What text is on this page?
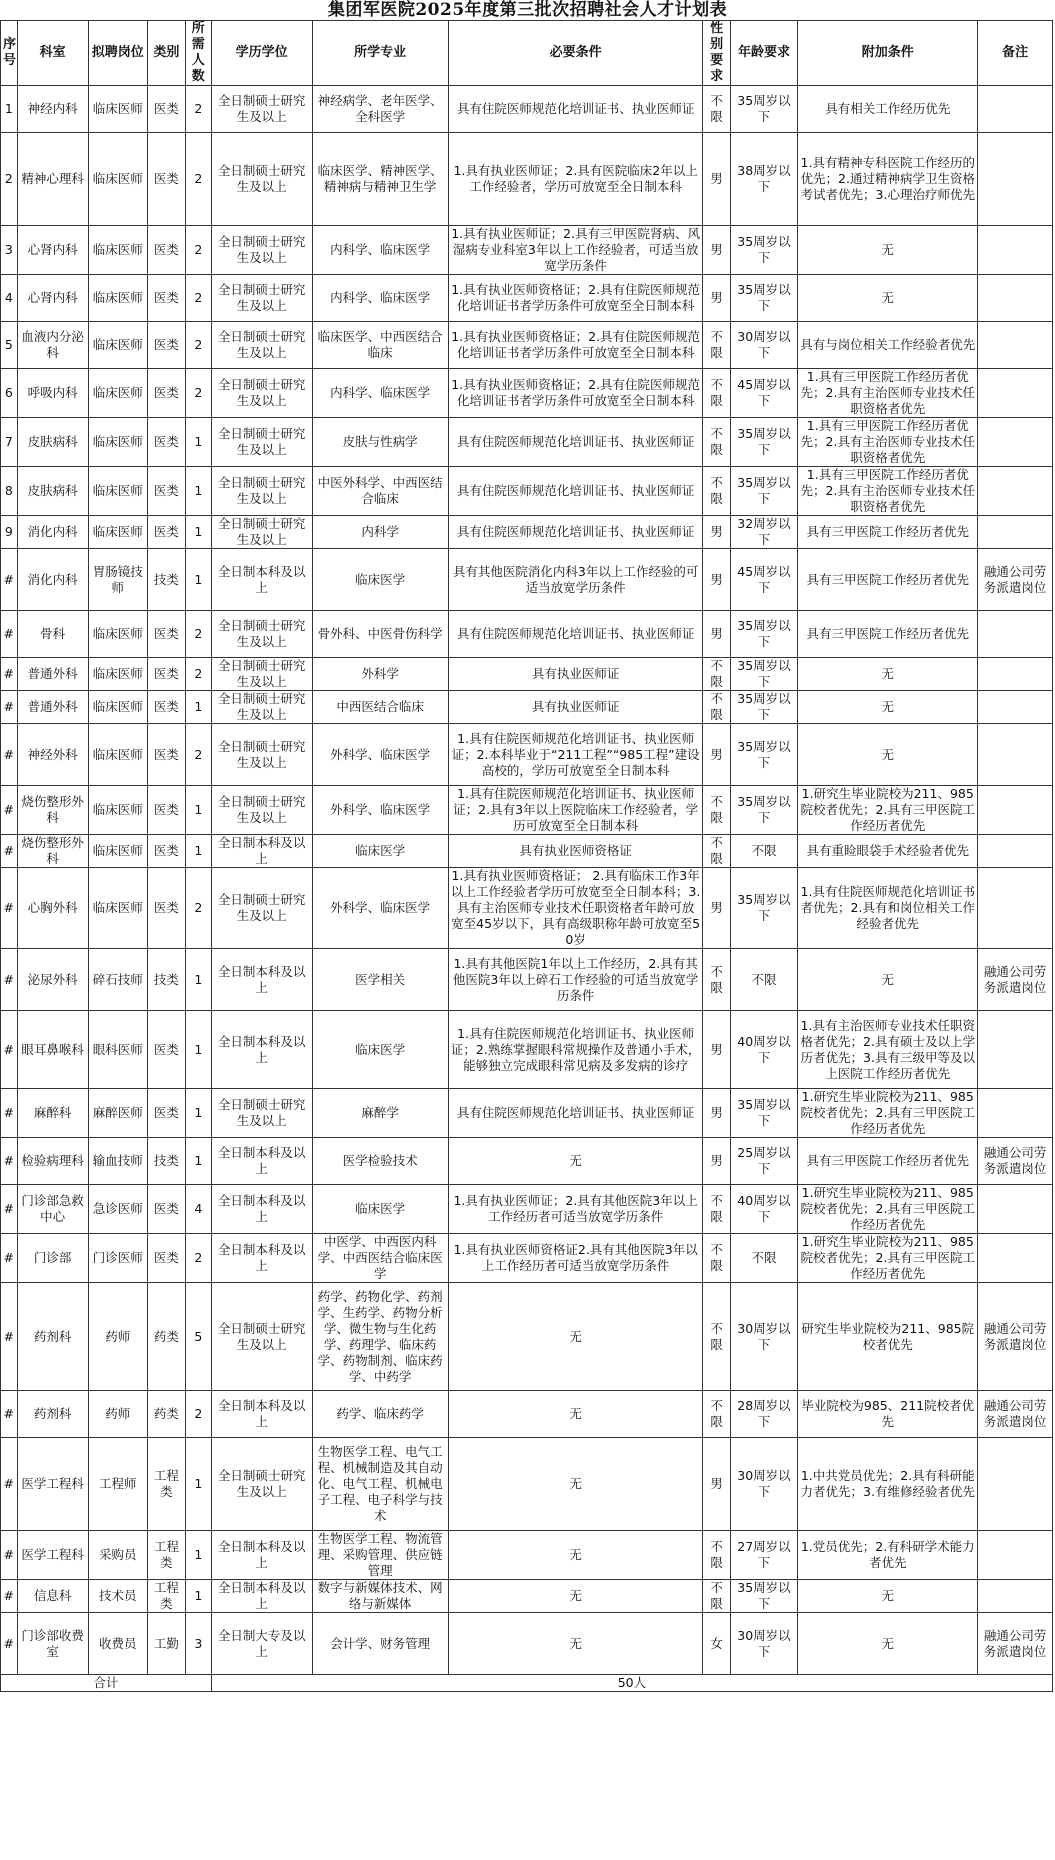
集团军医院2025年度第三批次招聘社会人才计划表
序号	科室	拟聘岗位	类别	所需人数	学历学位	所学专业	必要条件	性别要求	年龄要求	附加条件	备注
1	神经内科	临床医师	医类	2	全日制硕士研究生及以上	神经病学、老年医学、全科医学	具有住院医师规范化培训证书、执业医师证	不限	35周岁以下	具有相关工作经历优先	
2	精神心理科	临床医师	医类	2	全日制硕士研究生及以上	临床医学、精神医学、精神病与精神卫生学	1.具有执业医师证；2.具有医院临床2年以上工作经验者，学历可放宽至全日制本科	男	38周岁以下	1.具有精神专科医院工作经历的优先；2.通过精神病学卫生资格考试者优先；3.心理治疗师优先	
3	心肾内科	临床医师	医类	2	全日制硕士研究生及以上	内科学、临床医学	1.具有执业医师证；2.具有三甲医院肾病、风湿病专业科室3年以上工作经验者，可适当放宽学历条件	男	35周岁以下	无	
4	心肾内科	临床医师	医类	2	全日制硕士研究生及以上	内科学、临床医学	1.具有执业医师资格证；2.具有住院医师规范化培训证书者学历条件可放宽至全日制本科	男	35周岁以下	无	
5	血液内分泌科	临床医师	医类	2	全日制硕士研究生及以上	临床医学、中西医结合临床	1.具有执业医师资格证；2.具有住院医师规范化培训证书者学历条件可放宽至全日制本科	不限	30周岁以下	具有与岗位相关工作经验者优先	
6	呼吸内科	临床医师	医类	2	全日制硕士研究生及以上	内科学、临床医学	1.具有执业医师资格证；2.具有住院医师规范化培训证书者学历条件可放宽至全日制本科	不限	45周岁以下	1.具有三甲医院工作经历者优先；2.具有主治医师专业技术任职资格者优先	
7	皮肤病科	临床医师	医类	1	全日制硕士研究生及以上	皮肤与性病学	具有住院医师规范化培训证书、执业医师证	不限	35周岁以下	1.具有三甲医院工作经历者优先；2.具有主治医师专业技术任职资格者优先	
8	皮肤病科	临床医师	医类	1	全日制硕士研究生及以上	中医外科学、中西医结合临床	具有住院医师规范化培训证书、执业医师证	不限	35周岁以下	1.具有三甲医院工作经历者优先；2.具有主治医师专业技术任职资格者优先	
9	消化内科	临床医师	医类	1	全日制硕士研究生及以上	内科学	具有住院医师规范化培训证书、执业医师证	男	32周岁以下	具有三甲医院工作经历者优先	
#	消化内科	胃肠镜技师	技类	1	全日制本科及以上	临床医学	具有其他医院消化内科3年以上工作经验的可适当放宽学历条件	男	45周岁以下	具有三甲医院工作经历者优先	融通公司劳务派遣岗位
#	骨科	临床医师	医类	2	全日制硕士研究生及以上	骨外科、中医骨伤科学	具有住院医师规范化培训证书、执业医师证	男	35周岁以下	具有三甲医院工作经历者优先	
#	普通外科	临床医师	医类	2	全日制硕士研究生及以上	外科学	具有执业医师证	不限	35周岁以下	无	
#	普通外科	临床医师	医类	1	全日制硕士研究生及以上	中西医结合临床	具有执业医师证	不限	35周岁以下	无	
#	神经外科	临床医师	医类	2	全日制硕士研究生及以上	外科学、临床医学	1.具有住院医师规范化培训证书、执业医师证；2.本科毕业于“211工程”“985工程”建设高校的，学历可放宽至全日制本科	男	35周岁以下	无	
#	烧伤整形外科	临床医师	医类	1	全日制硕士研究生及以上	外科学、临床医学	1.具有住院医师规范化培训证书、执业医师证；2.具有3年以上医院临床工作经验者，学历可放宽至全日制本科	不限	35周岁以下	1.研究生毕业院校为211、985院校者优先；2.具有三甲医院工作经历者优先	
#	烧伤整形外科	临床医师	医类	1	全日制本科及以上	临床医学	具有执业医师资格证	不限	不限	具有重睑眼袋手术经验者优先	
#	心胸外科	临床医师	医类	2	全日制硕士研究生及以上	外科学、临床医学	1.具有执业医师资格证； 2.具有临床工作3年以上工作经验者学历可放宽至全日制本科；3.具有主治医师专业技术任职资格者年龄可放宽至45岁以下，具有高级职称年龄可放宽至50岁	男	35周岁以下	1.具有住院医师规范化培训证书者优先；2.具有和岗位相关工作经验者优先	
#	泌尿外科	碎石技师	技类	1	全日制本科及以上	医学相关	1.具有其他医院1年以上工作经历，2.具有其他医院3年以上碎石工作经验的可适当放宽学历条件	不限	不限	无	融通公司劳务派遣岗位
#	眼耳鼻喉科	眼科医师	医类	1	全日制本科及以上	临床医学	1.具有住院医师规范化培训证书、执业医师证；2.熟练掌握眼科常规操作及普通小手术，能够独立完成眼科常见病及多发病的诊疗	男	40周岁以下	1.具有主治医师专业技术任职资格者优先；2.具有硕士及以上学历者优先；3.具有三级甲等及以上医院工作经历者优先	
#	麻醉科	麻醉医师	医类	1	全日制硕士研究生及以上	麻醉学	具有住院医师规范化培训证书、执业医师证	男	35周岁以下	1.研究生毕业院校为211、985院校者优先；2.具有三甲医院工作经历者优先	
#	检验病理科	输血技师	技类	1	全日制本科及以上	医学检验技术	无	男	25周岁以下	具有三甲医院工作经历者优先	融通公司劳务派遣岗位
#	门诊部急救中心	急诊医师	医类	4	全日制本科及以上	临床医学	1.具有执业医师证；2.具有其他医院3年以上工作经历者可适当放宽学历条件	不限	40周岁以下	1.研究生毕业院校为211、985院校者优先；2.具有三甲医院工作经历者优先	
#	门诊部	门诊医师	医类	2	全日制本科及以上	中医学、中西医内科学、中西医结合临床医学	1.具有执业医师资格证2.具有其他医院3年以上工作经历者可适当放宽学历条件	不限	不限	1.研究生毕业院校为211、985院校者优先；2.具有三甲医院工作经历者优先	
#	药剂科	药师	药类	5	全日制硕士研究生及以上	药学、药物化学、药剂学、生药学、药物分析学、微生物与生化药学、药理学、临床药学、药物制剂、临床药学、中药学	无	不限	30周岁以下	研究生毕业院校为211、985院校者优先	融通公司劳务派遣岗位
#	药剂科	药师	药类	2	全日制本科及以上	药学、临床药学	无	不限	28周岁以下	毕业院校为985、211院校者优先	融通公司劳务派遣岗位
#	医学工程科	工程师	工程类	1	全日制硕士研究生及以上	生物医学工程、电气工程、机械制造及其自动化、电气工程、机械电子工程、电子科学与技术	无	男	30周岁以下	1.中共党员优先；2.具有科研能力者优先；3.有维修经验者优先	
#	医学工程科	采购员	工程类	1	全日制本科及以上	生物医学工程、物流管理、采购管理、供应链管理	无	不限	27周岁以下	1.党员优先；2.有科研学术能力者优先	
#	信息科	技术员	工程类	1	全日制本科及以上	数字与新媒体技术、网络与新媒体	无	不限	35周岁以下	无	
#	门诊部收费室	收费员	工勤	3	全日制大专及以上	会计学、财务管理	无	女	30周岁以下	无	融通公司劳务派遣岗位
合计					50人						
